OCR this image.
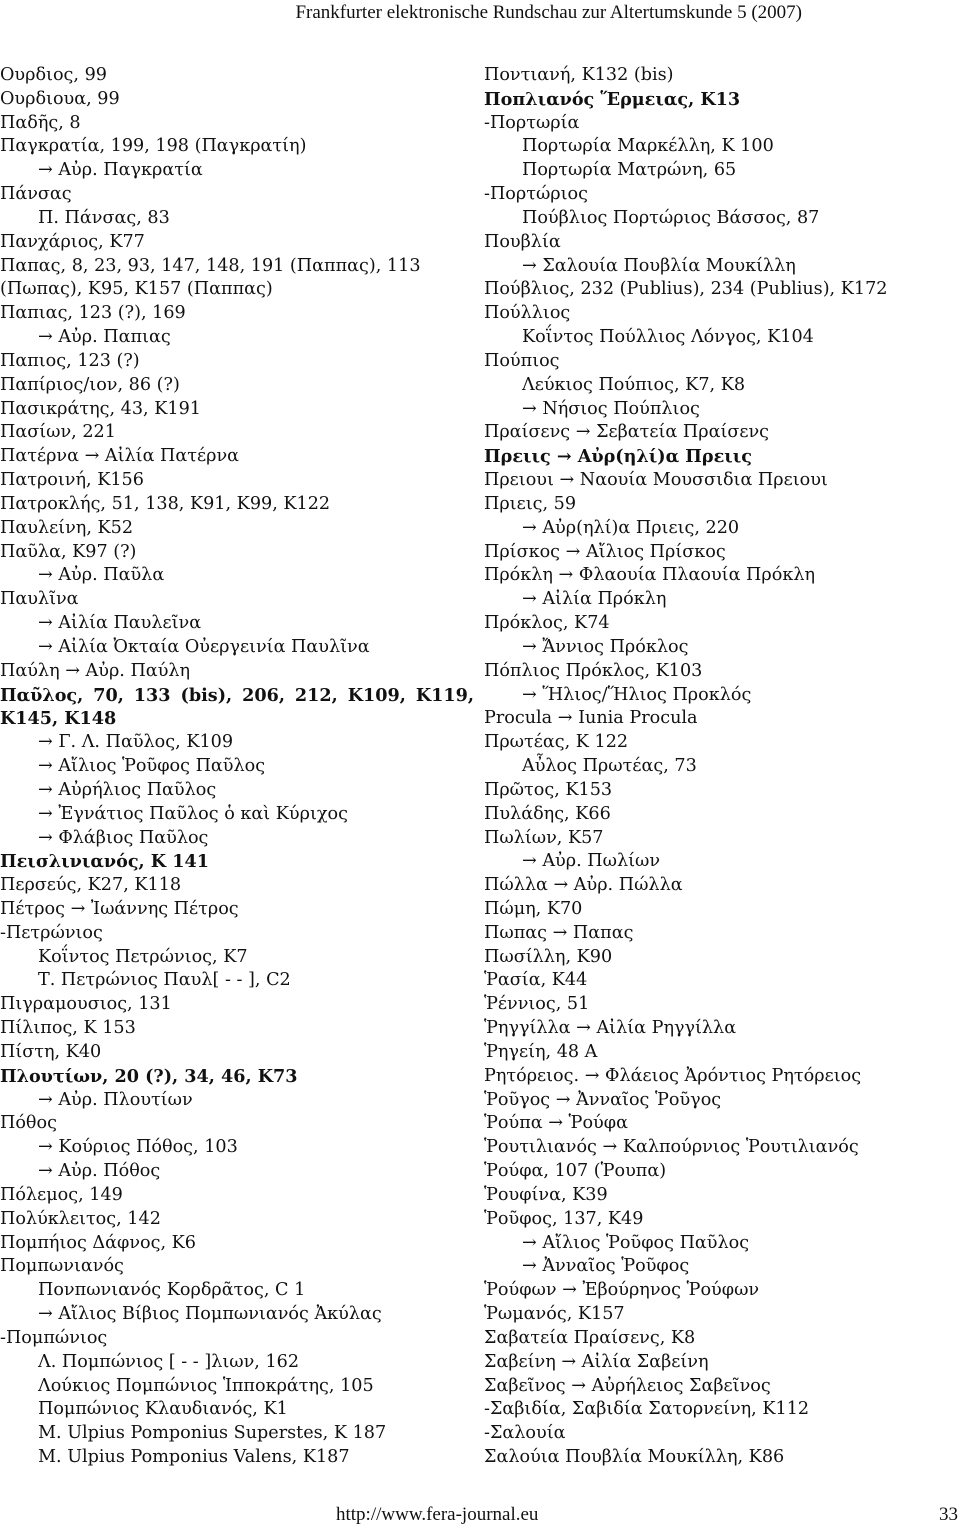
Frankfurter elektronische Rundschau zur Altertumskunde 5 (2007)
Ουρδιος, 99
Ουρδιουα, 99
Παδῆς, 8
Παγκρατία, 199, 198 (Παγκρατίη)
→ Αὐρ. Παγκρατία
Πάνσας
Π. Πάνσας, 83
Πανχάριος, Κ77
Παπας, 8, 23, 93, 147, 148, 191 (Παππας), 113
(Πωπας), Κ95, Κ157 (Παππας)
Παπιας, 123 (?), 169
→ Αὐρ. Παπιας
Παπιος, 123 (?)
Παπίριος/ιον, 86 (?)
Πασικράτης, 43, Κ191
Πασίων, 221
Πατέρνα → Αἰλία Πατέρνα
Πατροινή, Κ156
Πατροκλής, 51, 138, Κ91, Κ99, Κ122
Παυλείνη, Κ52
Παῦλα, Κ97 (?)
→ Αὐρ. Παῦλα
Παυλῖνα
→ Αἰλία Παυλεῖνα
→ Αἰλία Ὀκταία Οὐεργεινία Παυλῖνα
Παύλη → Αὐρ. Παύλη
Παῦλος, 70, 133 (bis), 206, 212, Κ109, Κ119,
Κ145, Κ148
→ Γ. Λ. Παῦλος, Κ109
→ Αἴλιος Ῥοῦφος Παῦλος
→ Αὐρήλιος Παῦλος
→ Ἐγνάτιος Παῦλος ὁ καὶ Κύριχος
→ Φλάβιος Παῦλος
Πεισλινιανός, Κ 141
Περσεύς, Κ27, Κ118
Πέτρος → Ἰωάννης Πέτρος
-Πετρώνιος
Κοΐντος Πετρώνιος, Κ7
Τ. Πετρώνιος Παυλ[ - - ], C2
Πιγραμουσιος, 131
Πίλιπος, Κ 153
Πίστη, Κ40
Πλουτίων, 20 (?), 34, 46, Κ73
→ Αὐρ. Πλουτίων
Πόθος
→ Κούριος Πόθος, 103
→ Αὐρ. Πόθος
Πόλεμος, 149
Πολύκλειτος, 142
Πομπήιος Δάφνος, Κ6
Πομπωνιανός
Πονπωνιανός Κορδρᾶτος, C 1
→ Αἴλιος Βίβιος Πομπωνιανός Ἀκύλας
-Πομπώνιος
Λ. Πομπώνιος [ - - ]λιων, 162
Λούκιος Πομπώνιος Ἱπποκράτης, 105
Πομπώνιος Κλαυδιανός, Κ1
M. Ulpius Pomponius Superstes, K 187
M. Ulpius Pomponius Valens, K187
Ποντιανή, Κ132 (bis)
Ποπλιανός Ἕρμειας, Κ13
-Πορτωρία
Πορτωρία Μαρκέλλη, Κ 100
Πορτωρία Ματρώνη, 65
-Πορτώριος
Πούβλιος Πορτώριος Βάσσος, 87
Πουβλία
→ Σαλουία Πουβλία Μουκίλλη
Πούβλιος, 232 (Publius), 234 (Publius), Κ172
Πούλλιος
Κοΐντος Πούλλιος Λόνγος, Κ104
Πούπιος
Λεύκιος Πούπιος, Κ7, Κ8
→ Νήσιος Πούπλιος
Πραίσενς → Σεβατεία Πραίσενς
Πρειις → Αὐρ(ηλί)α Πρειις
Πρειουι → Ναουία Μουσσιδια Πρειουι
Πριεις, 59
→ Αὐρ(ηλί)α Πριεις, 220
Πρίσκος → Αἴλιος Πρίσκος
Πρόκλη → Φλαουία Πλαουία Πρόκλη
→ Αἰλία Πρόκλη
Πρόκλος, Κ74
→ Ἄννιος Πρόκλος
Πόπλιος Πρόκλος, Κ103
→ Ἥλιος/Ἥλιος Προκλός
Procula → Iunia Procula
Πρωτέας, Κ 122
Αὖλος Πρωτέας, 73
Πρῶτος, Κ153
Πυλάδης, Κ66
Πωλίων, Κ57
→ Αὐρ. Πωλίων
Πώλλα → Αὐρ. Πώλλα
Πώμη, Κ70
Πωπας → Παπας
Πωσίλλη, Κ90
Ῥασία, Κ44
Ῥέννιος, 51
Ῥηγγίλλα → Αἰλία Ρηγγίλλα
Ῥηγείη, 48 Α
Ρητόρειος. → Φλάειος Ἀρόντιος Ρητόρειος
Ῥοῦγος → Ἀνναῖος Ῥοῦγος
Ῥούπα → Ῥούφα
Ῥουτιλιανός → Καλπούρνιος Ῥουτιλιανός
Ῥούφα, 107 (Ῥουπα)
Ῥουφίνα, Κ39
Ῥοῦφος, 137, Κ49
→ Αἴλιος Ῥοῦφος Παῦλος
→ Ἀνναῖος Ῥοῦφος
Ῥούφων → Ἐβούρηνος Ῥούφων
Ῥωμανός, Κ157
Σαβατεία Πραίσενς, Κ8
Σαβείνη → Αἰλία Σαβείνη
Σαβεῖνος → Αὐρήλειος Σαβεῖνος
-Σαβιδία, Σαβιδία Σατορνείνη, Κ112
-Σαλουία
Σαλούια Πουβλία Μουκίλλη, Κ86
http://www.fera-journal.eu	33
